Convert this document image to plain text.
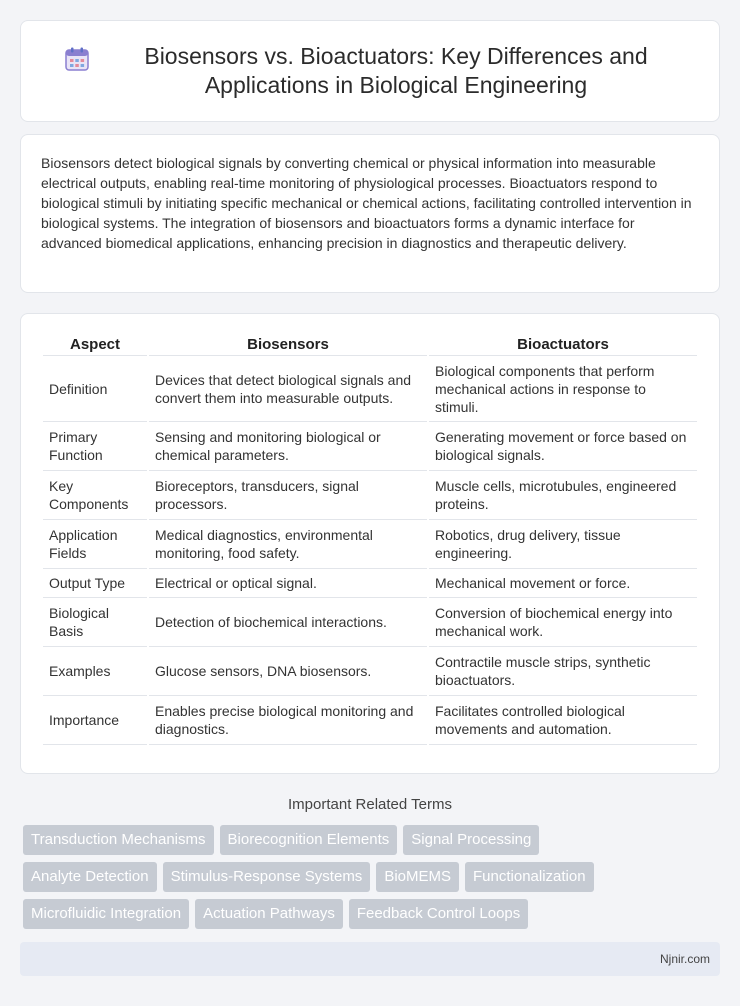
Biosensors vs. Bioactuators: Key Differences and Applications in Biological Engineering

Biosensors detect biological signals by converting chemical or physical information into measurable electrical outputs, enabling real-time monitoring of physiological processes. Bioactuators respond to biological stimuli by initiating specific mechanical or chemical actions, facilitating controlled intervention in biological systems. The integration of biosensors and bioactuators forms a dynamic interface for advanced biomedical applications, enhancing precision in diagnostics and therapeutic delivery.

Aspect	Biosensors	Bioactuators
Definition	Devices that detect biological signals and convert them into measurable outputs.	Biological components that perform mechanical actions in response to stimuli.
Primary Function	Sensing and monitoring biological or chemical parameters.	Generating movement or force based on biological signals.
Key Components	Bioreceptors, transducers, signal processors.	Muscle cells, microtubules, engineered proteins.
Application Fields	Medical diagnostics, environmental monitoring, food safety.	Robotics, drug delivery, tissue engineering.
Output Type	Electrical or optical signal.	Mechanical movement or force.
Biological Basis	Detection of biochemical interactions.	Conversion of biochemical energy into mechanical work.
Examples	Glucose sensors, DNA biosensors.	Contractile muscle strips, synthetic bioactuators.
Importance	Enables precise biological monitoring and diagnostics.	Facilitates controlled biological movements and automation.
Important Related Terms
Transduction Mechanisms	Biorecognition Elements	Signal Processing
Analyte Detection	Stimulus-Response Systems	BioMEMS	Functionalization
Microfluidic Integration	Actuation Pathways	Feedback Control Loops
Njnir.com
